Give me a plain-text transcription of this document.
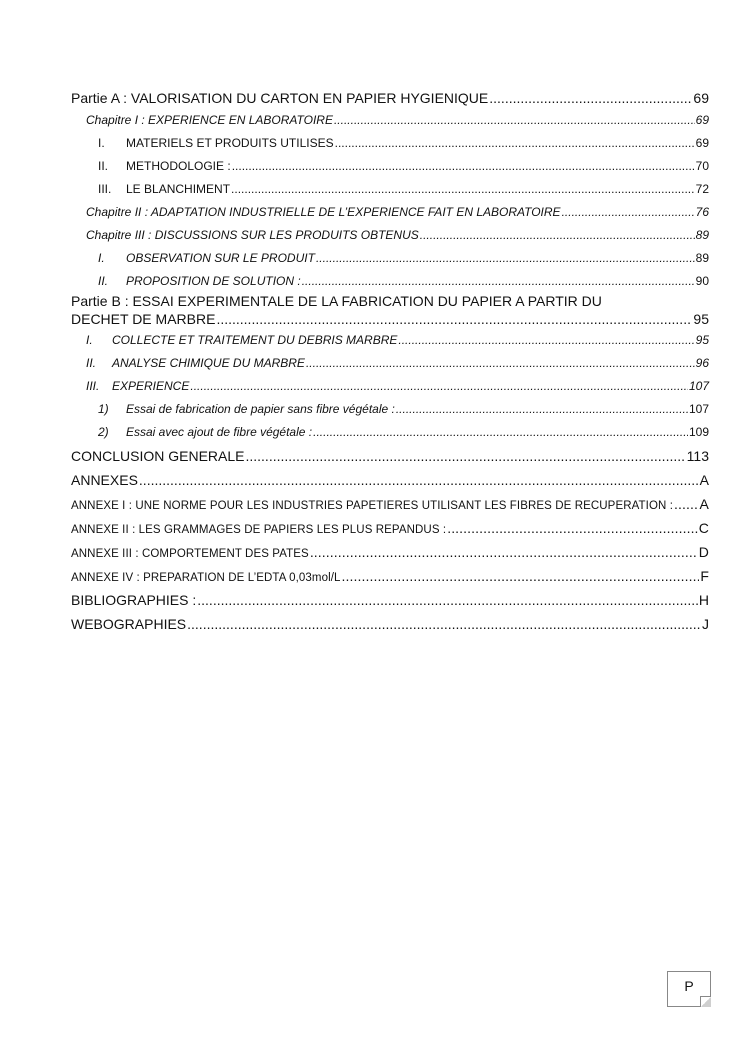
Partie A : VALORISATION DU CARTON EN PAPIER HYGIENIQUE .....	69
Chapitre I : EXPERIENCE EN LABORATOIRE .....	69
I.	MATERIELS ET PRODUITS UTILISES .....	69
II.	METHODOLOGIE : .....	70
III.	LE BLANCHIMENT .....	72
Chapitre II : ADAPTATION INDUSTRIELLE DE L’EXPERIENCE FAIT EN LABORATOIRE .....	76
Chapitre III : DISCUSSIONS SUR LES PRODUITS OBTENUS .....	89
I.	OBSERVATION SUR LE PRODUIT .....	89
II.	PROPOSITION DE SOLUTION : .....	90
Partie B : ESSAI EXPERIMENTALE DE LA FABRICATION DU PAPIER A PARTIR DU
DECHET DE MARBRE .....	95
I.	COLLECTE ET TRAITEMENT DU DEBRIS MARBRE .....	95
II.	ANALYSE CHIMIQUE DU MARBRE .....	96
III.	EXPERIENCE .....	107
1)	Essai de fabrication de papier sans fibre végétale : .....	107
2)	Essai avec ajout de fibre végétale : .....	109
CONCLUSION GENERALE .....	113
ANNEXES .....	A
ANNEXE I : UNE NORME POUR LES INDUSTRIES PAPETIERES UTILISANT LES FIBRES DE RECUPERATION : ..... A
ANNEXE II : LES GRAMMAGES DE PAPIERS LES PLUS REPANDUS : .....	C
ANNEXE III : COMPORTEMENT DES PATES .....	D
ANNEXE IV : PREPARATION DE L’EDTA 0,03mol/L .....	F
BIBLIOGRAPHIES : .....	H
WEBOGRAPHIES .....	J
P
